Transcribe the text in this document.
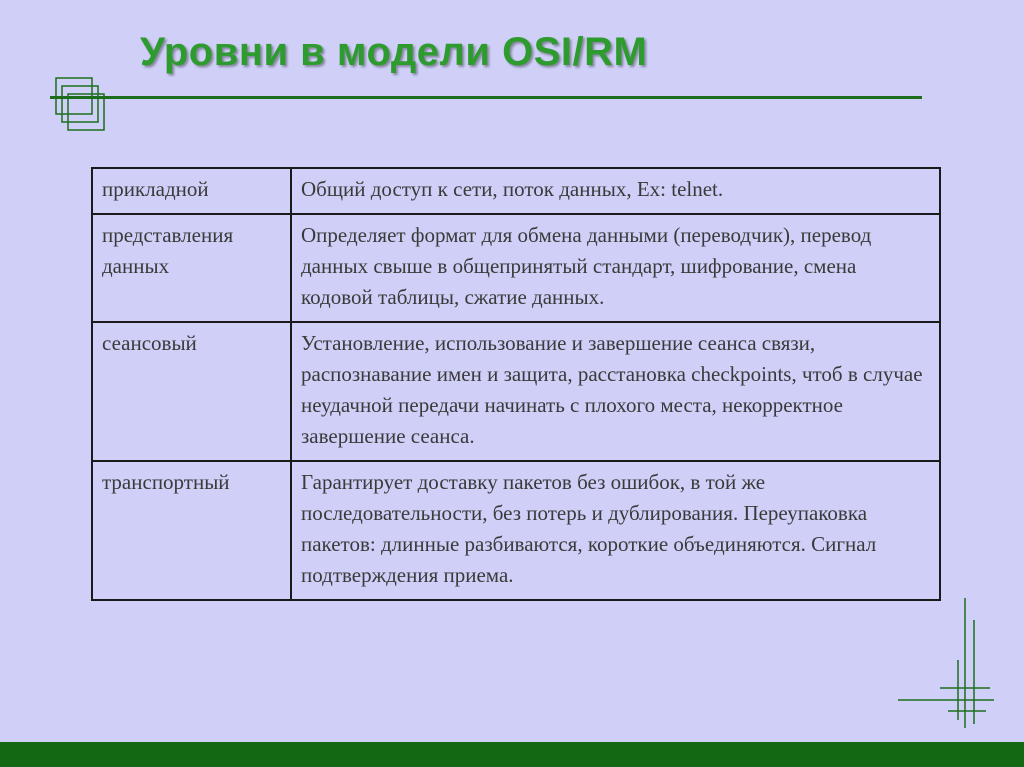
Уровни в модели OSI/RM
прикладной	Общий доступ к сети, поток данных, Ex: telnet.
представления данных	Определяет формат для обмена данными (переводчик), перевод данных свыше в общепринятый стандарт, шифрование, смена кодовой таблицы, сжатие данных.
сеансовый	Установление, использование и завершение сеанса связи, распознавание имен и защита, расстановка checkpoints, чтоб в случае неудачной передачи начинать с плохого места, некорректное завершение сеанса.
транспортный	Гарантирует доставку пакетов без ошибок, в той же последовательности, без потерь и дублирования. Переупаковка пакетов: длинные разбиваются, короткие объединяются. Сигнал подтверждения приема.
